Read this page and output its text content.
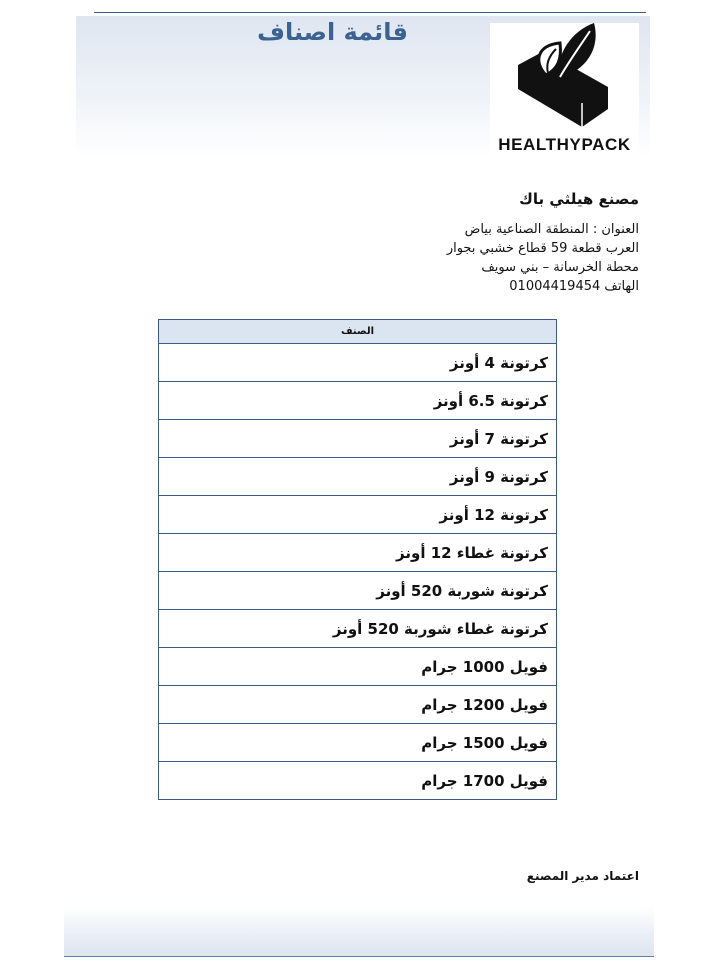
قائمة اصناف
HEALTHYPACK
مصنع هيلثي باك
العنوان : المنطقة الصناعية بياض
العرب قطعة 59 قطاع خشبي بجوار
محطة الخرسانة – بني سويف
الهاتف 01004419454
الصنف
كرتونة 4 أونز
كرتونة 6.5 أونز
كرتونة 7 أونز
كرتونة 9 أونز
كرتونة 12 أونز
كرتونة غطاء 12 أونز
كرتونة شوربة 520 أونز
كرتونة غطاء شوربة 520 أونز
فويل 1000 جرام
فويل 1200 جرام
فويل 1500 جرام
فويل 1700 جرام
اعتماد مدير المصنع
